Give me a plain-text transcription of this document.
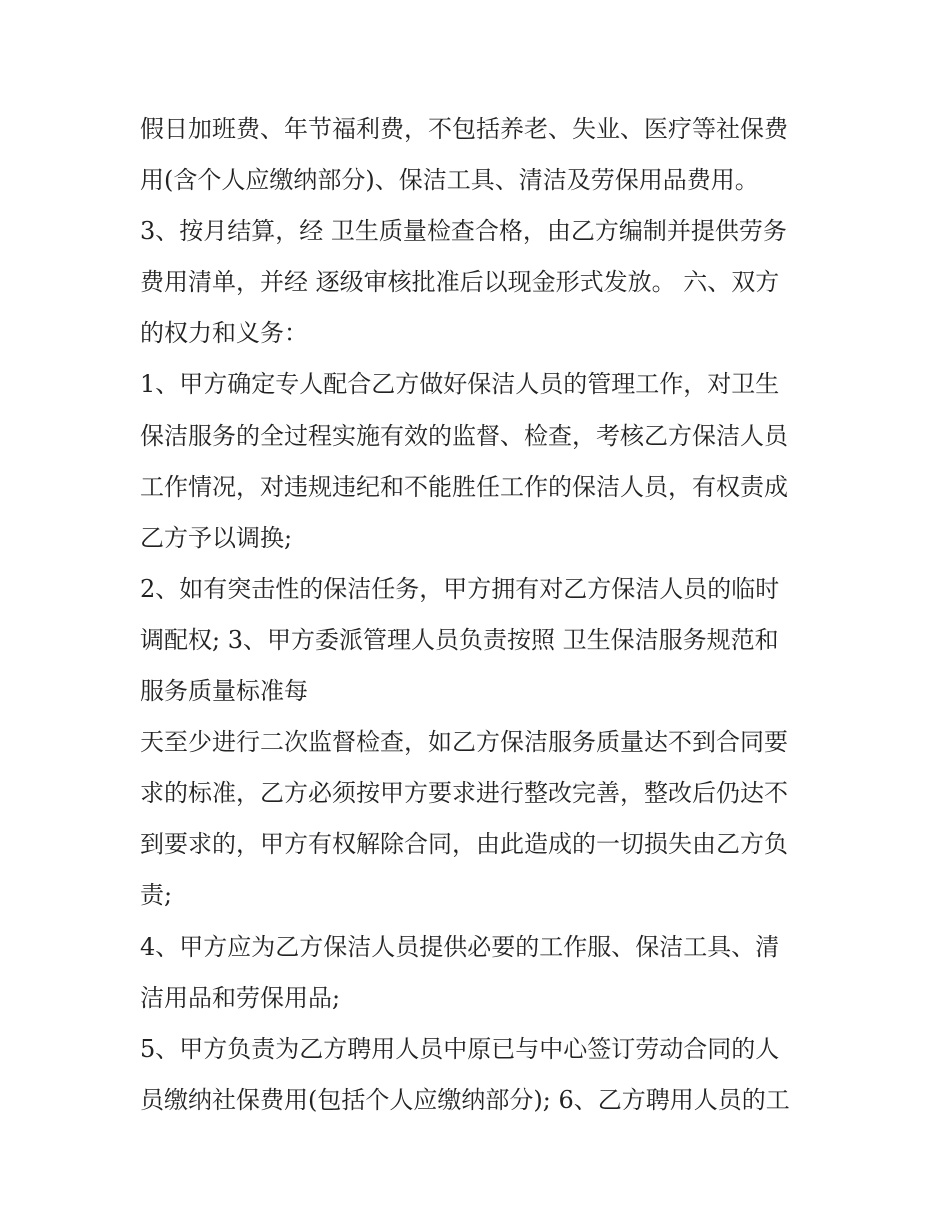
假日加班费、年节福利费，不包括养老、失业、医疗等社保费
用(含个人应缴纳部分)、保洁工具、清洁及劳保用品费用。
3、按月结算，经 卫生质量检查合格，由乙方编制并提供劳务
费用清单，并经 逐级审核批准后以现金形式发放。 六、双方
的权力和义务：
1、甲方确定专人配合乙方做好保洁人员的管理工作，对卫生
保洁服务的全过程实施有效的监督、检查，考核乙方保洁人员
工作情况，对违规违纪和不能胜任工作的保洁人员，有权责成
乙方予以调换;
2、如有突击性的保洁任务，甲方拥有对乙方保洁人员的临时
调配权; 3、甲方委派管理人员负责按照 卫生保洁服务规范和
服务质量标准每
天至少进行二次监督检查，如乙方保洁服务质量达不到合同要
求的标准，乙方必须按甲方要求进行整改完善，整改后仍达不
到要求的，甲方有权解除合同，由此造成的一切损失由乙方负
责;
4、甲方应为乙方保洁人员提供必要的工作服、保洁工具、清
洁用品和劳保用品;
5、甲方负责为乙方聘用人员中原已与中心签订劳动合同的人
员缴纳社保费用(包括个人应缴纳部分); 6、乙方聘用人员的工
